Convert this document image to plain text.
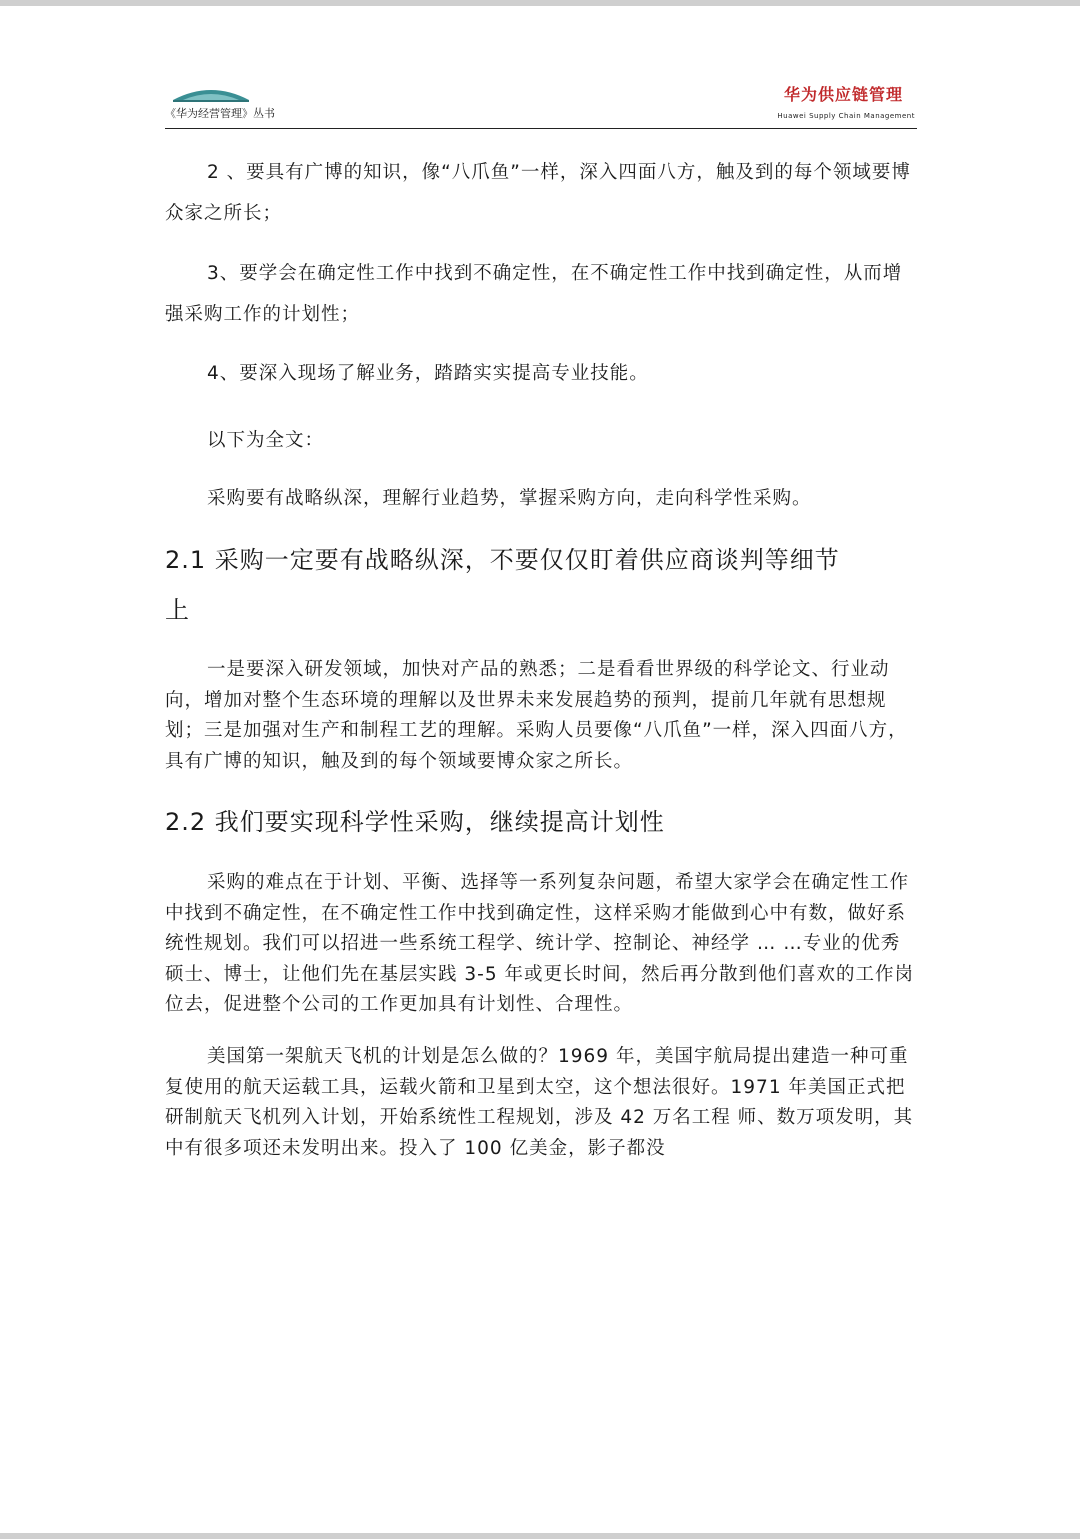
《华为经营管理》丛书
华为供应链管理
Huawei Supply Chain Management

2 、要具有广博的知识，像“八爪鱼”一样，深入四面八方，触及到的每个领域要博众家之所长；

3、要学会在确定性工作中找到不确定性，在不确定性工作中找到确定性，从而增强采购工作的计划性；

4、要深入现场了解业务，踏踏实实提高专业技能。

以下为全文：

采购要有战略纵深，理解行业趋势，掌握采购方向，走向科学性采购。

2.1 采购一定要有战略纵深，不要仅仅盯着供应商谈判等细节上

一是要深入研发领域，加快对产品的熟悉；二是看看世界级的科学论文、行业动向，增加对整个生态环境的理解以及世界未来发展趋势的预判，提前几年就有思想规划；三是加强对生产和制程工艺的理解。采购人员要像“八爪鱼”一样，深入四面八方，具有广博的知识，触及到的每个领域要博众家之所长。

2.2 我们要实现科学性采购，继续提高计划性

采购的难点在于计划、平衡、选择等一系列复杂问题，希望大家学会在确定性工作中找到不确定性，在不确定性工作中找到确定性，这样采购才能做到心中有数，做好系统性规划。我们可以招进一些系统工程学、统计学、控制论、神经学 … …专业的优秀硕士、博士，让他们先在基层实践 3-5 年或更长时间，然后再分散到他们喜欢的工作岗位去，促进整个公司的工作更加具有计划性、合理性。

美国第一架航天飞机的计划是怎么做的？1969 年，美国宇航局提出建造一种可重复使用的航天运载工具，运载火箭和卫星到太空，这个想法很好。1971 年美国正式把研制航天飞机列入计划，开始系统性工程规划，涉及 42 万名工程 师、数万项发明，其中有很多项还未发明出来。投入了 100 亿美金，影子都没
